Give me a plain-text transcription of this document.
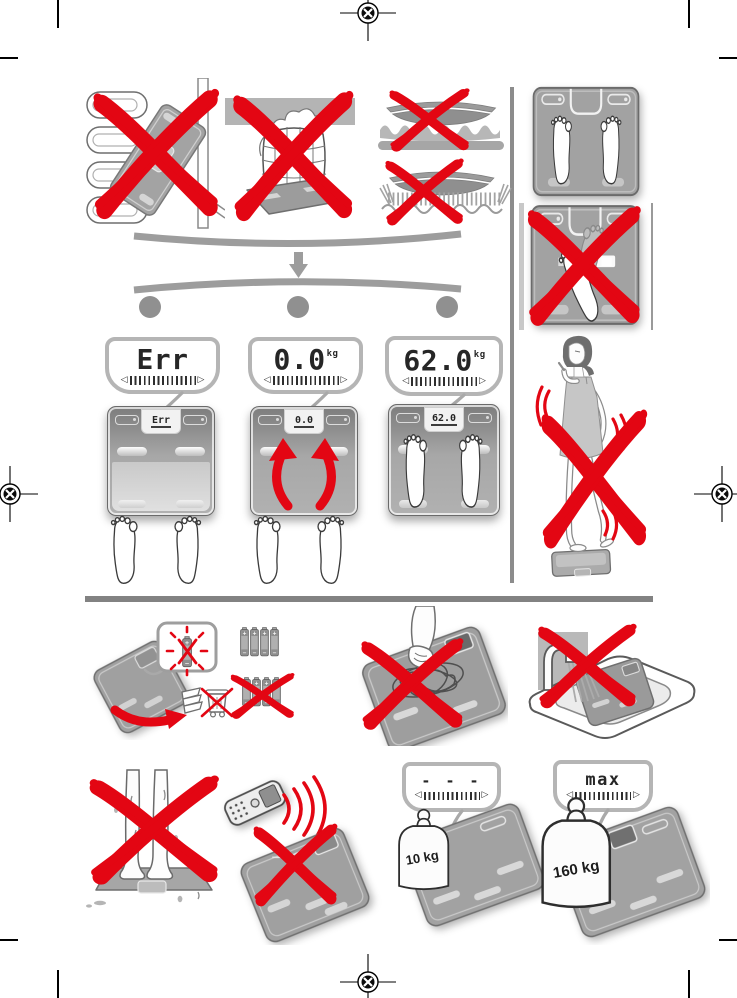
Err
◁	▷
Err
$0.0^{kg}$
◁	▷
0.0
$62.0^{kg}$
◁	▷
62.0
- - -
◁	▷
10 kg
max
◁	▷
160 kg
